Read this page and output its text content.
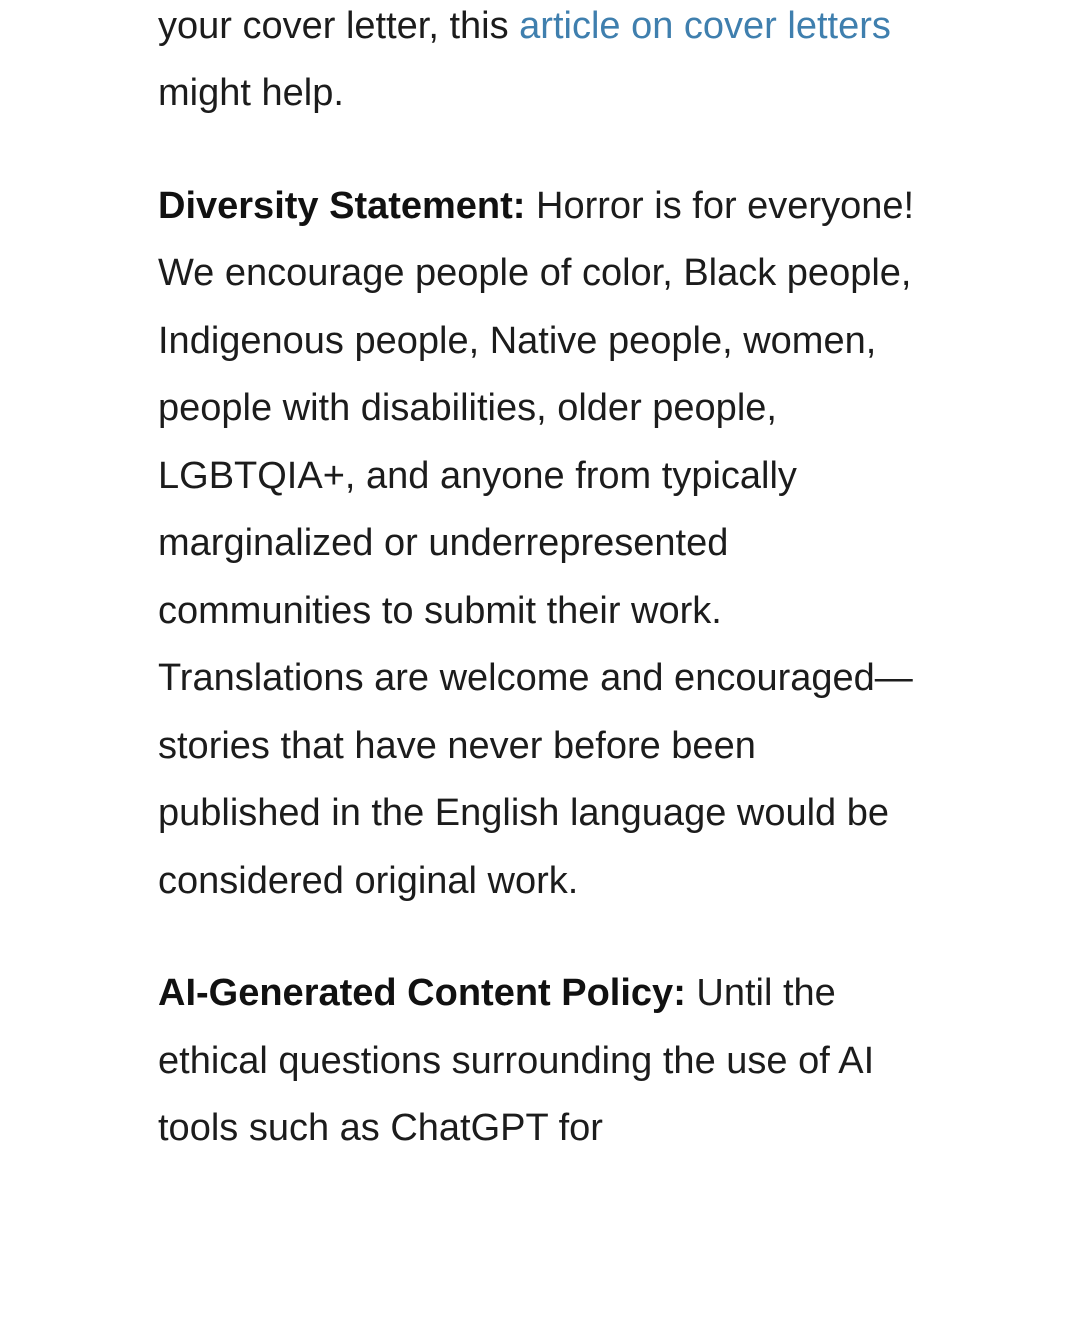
your cover letter, this article on cover letters might help.

Diversity Statement: Horror is for everyone! We encourage people of color, Black people, Indigenous people, Native people, women, people with disabilities, older people, LGBTQIA+, and anyone from typically marginalized or underrepresented communities to submit their work. Translations are welcome and encouraged—stories that have never before been published in the English language would be considered original work.

AI-Generated Content Policy: Until the ethical questions surrounding the use of AI tools such as ChatGPT for
